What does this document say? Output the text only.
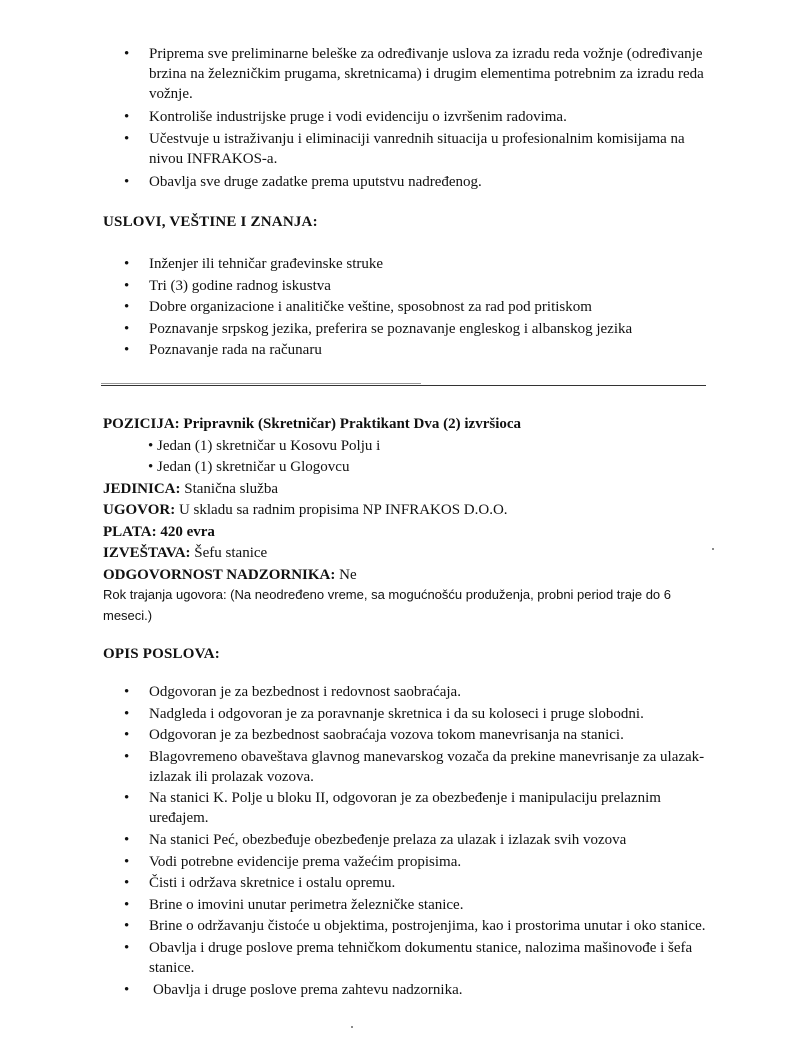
• Priprema sve preliminarne beleške za određivanje uslova za izradu reda vožnje (određivanje brzina na železničkim prugama, skretnicama) i drugim elementima potrebnim za izradu reda vožnje.
• Kontroliše industrijske pruge i vodi evidenciju o izvršenim radovima.
• Učestvuje u istraživanju i eliminaciji vanrednih situacija u profesionalnim komisijama na nivou INFRAKOS-a.
• Obavlja sve druge zadatke prema uputstvu nadređenog.
USLOVI, VEŠTINE I ZNANJA:
• Inženjer ili tehničar građevinske struke
• Tri (3) godine radnog iskustva
• Dobre organizacione i analitičke veštine, sposobnost za rad pod pritiskom
• Poznavanje srpskog jezika, preferira se poznavanje engleskog i albanskog jezika
• Poznavanje rada na računaru
POZICIJA: Pripravnik (Skretničar) Praktikant Dva (2) izvršioca
• Jedan (1) skretničar u Kosovu Polju i
• Jedan (1) skretničar u Glogovcu
JEDINICA: Stanična služba
UGOVOR: U skladu sa radnim propisima NP INFRAKOS D.O.O.
PLATA: 420 evra
IZVEŠTAVA: Šefu stanice
ODGOVORNOST NADZORNIKA: Ne
Rok trajanja ugovora: (Na neodređeno vreme, sa mogućnošću produženja, probni period traje do 6 meseci.)
OPIS POSLOVA:
• Odgovoran je za bezbednost i redovnost saobraćaja.
• Nadgleda i odgovoran je za poravnanje skretnica i da su koloseci i pruge slobodni.
• Odgovoran je za bezbednost saobraćaja vozova tokom manevrisanja na stanici.
• Blagovremeno obaveštava glavnog manevarskog vozača da prekine manevrisanje za ulazak-izlazak ili prolazak vozova.
• Na stanici K. Polje u bloku II, odgovoran je za obezbeđenje i manipulaciju prelaznim uređajem.
• Na stanici Peć, obezbeđuje obezbeđenje prelaza za ulazak i izlazak svih vozova
• Vodi potrebne evidencije prema važećim propisima.
• Čisti i održava skretnice i ostalu opremu.
• Brine o imovini unutar perimetra železničke stanice.
• Brine o održavanju čistoće u objektima, postrojenjima, kao i prostorima unutar i oko stanice.
• Obavlja i druge poslove prema tehničkom dokumentu stanice, nalozima mašinovođe i šefa stanice.
• Obavlja i druge poslove prema zahtevu nadzornika.
